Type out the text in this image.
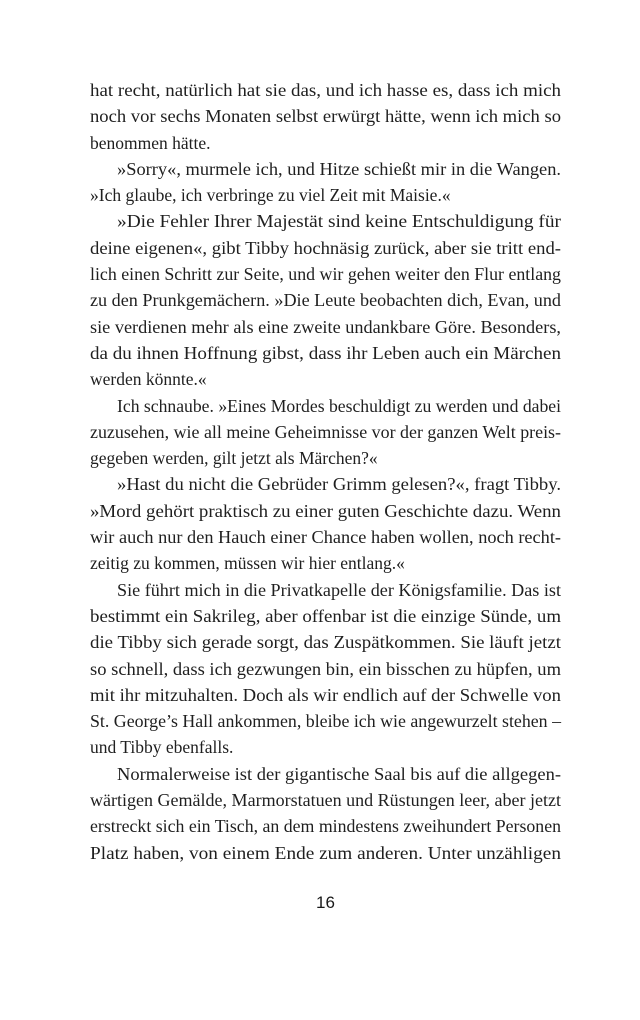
hat recht, natürlich hat sie das, und ich hasse es, dass ich mich
noch vor sechs Monaten selbst erwürgt hätte, wenn ich mich so
benommen hätte.
»Sorry«, murmele ich, und Hitze schießt mir in die Wangen.
»Ich glaube, ich verbringe zu viel Zeit mit Maisie.«
»Die Fehler Ihrer Majestät sind keine Entschuldigung für
deine eigenen«, gibt Tibby hochnäsig zurück, aber sie tritt end-
lich einen Schritt zur Seite, und wir gehen weiter den Flur entlang
zu den Prunkgemächern. »Die Leute beobachten dich, Evan, und
sie verdienen mehr als eine zweite undankbare Göre. Besonders,
da du ihnen Hoffnung gibst, dass ihr Leben auch ein Märchen
werden könnte.«
Ich schnaube. »Eines Mordes beschuldigt zu werden und dabei
zuzusehen, wie all meine Geheimnisse vor der ganzen Welt preis-
gegeben werden, gilt jetzt als Märchen?«
»Hast du nicht die Gebrüder Grimm gelesen?«, fragt Tibby.
»Mord gehört praktisch zu einer guten Geschichte dazu. Wenn
wir auch nur den Hauch einer Chance haben wollen, noch recht-
zeitig zu kommen, müssen wir hier entlang.«
Sie führt mich in die Privatkapelle der Königsfamilie. Das ist
bestimmt ein Sakrileg, aber offenbar ist die einzige Sünde, um
die Tibby sich gerade sorgt, das Zuspätkommen. Sie läuft jetzt
so schnell, dass ich gezwungen bin, ein bisschen zu hüpfen, um
mit ihr mitzuhalten. Doch als wir endlich auf der Schwelle von
St. George’s Hall ankommen, bleibe ich wie angewurzelt stehen –
und Tibby ebenfalls.
Normalerweise ist der gigantische Saal bis auf die allgegen-
wärtigen Gemälde, Marmorstatuen und Rüstungen leer, aber jetzt
erstreckt sich ein Tisch, an dem mindestens zweihundert Personen
Platz haben, von einem Ende zum anderen. Unter unzähligen
16
